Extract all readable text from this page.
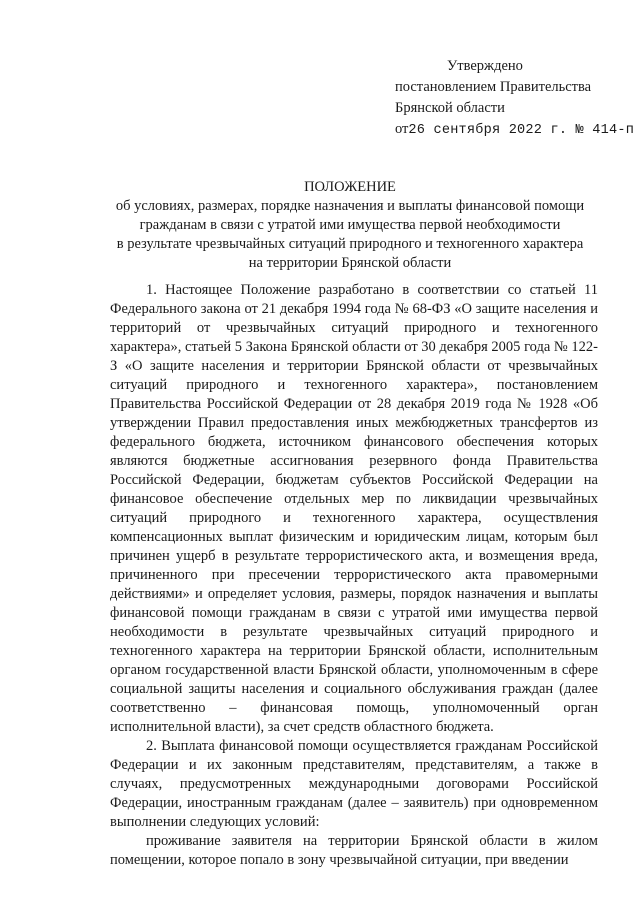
Утверждено
постановлением Правительства
Брянской области
от26 сентября 2022 г. № 414-п
ПОЛОЖЕНИЕ
об условиях, размерах, порядке назначения и выплаты финансовой помощи
гражданам в связи с утратой ими имущества первой необходимости
в результате чрезвычайных ситуаций природного и техногенного характера
на территории Брянской области

1. Настоящее Положение разработано в соответствии со статьей 11 Федерального закона от 21 декабря 1994 года № 68-ФЗ «О защите населения и территорий от чрезвычайных ситуаций природного и техногенного характера», статьей 5 Закона Брянской области от 30 декабря 2005 года № 122-З «О защите населения и территории Брянской области от чрезвычайных ситуаций природного и техногенного характера», постановлением Правительства Российской Федерации от 28 декабря 2019 года № 1928 «Об утверждении Правил предоставления иных межбюджетных трансфертов из федерального бюджета, источником финансового обеспечения которых являются бюджетные ассигнования резервного фонда Правительства Российской Федерации, бюджетам субъектов Российской Федерации на финансовое обеспечение отдельных мер по ликвидации чрезвычайных ситуаций природного и техногенного характера, осуществления компенсационных выплат физическим и юридическим лицам, которым был причинен ущерб в результате террористического акта, и возмещения вреда, причиненного при пресечении террористического акта правомерными действиями» и определяет условия, размеры, порядок назначения и выплаты финансовой помощи гражданам в связи с утратой ими имущества первой необходимости в результате чрезвычайных ситуаций природного и техногенного характера на территории Брянской области, исполнительным органом государственной власти Брянской области, уполномоченным в сфере социальной защиты населения и социального обслуживания граждан (далее соответственно – финансовая помощь, уполномоченный орган исполнительной власти), за счет средств областного бюджета.

2. Выплата финансовой помощи осуществляется гражданам Российской Федерации и их законным представителям, представителям, а также в случаях, предусмотренных международными договорами Российской Федерации, иностранным гражданам (далее – заявитель) при одновременном выполнении следующих условий:

проживание заявителя на территории Брянской области в жилом помещении, которое попало в зону чрезвычайной ситуации, при введении
